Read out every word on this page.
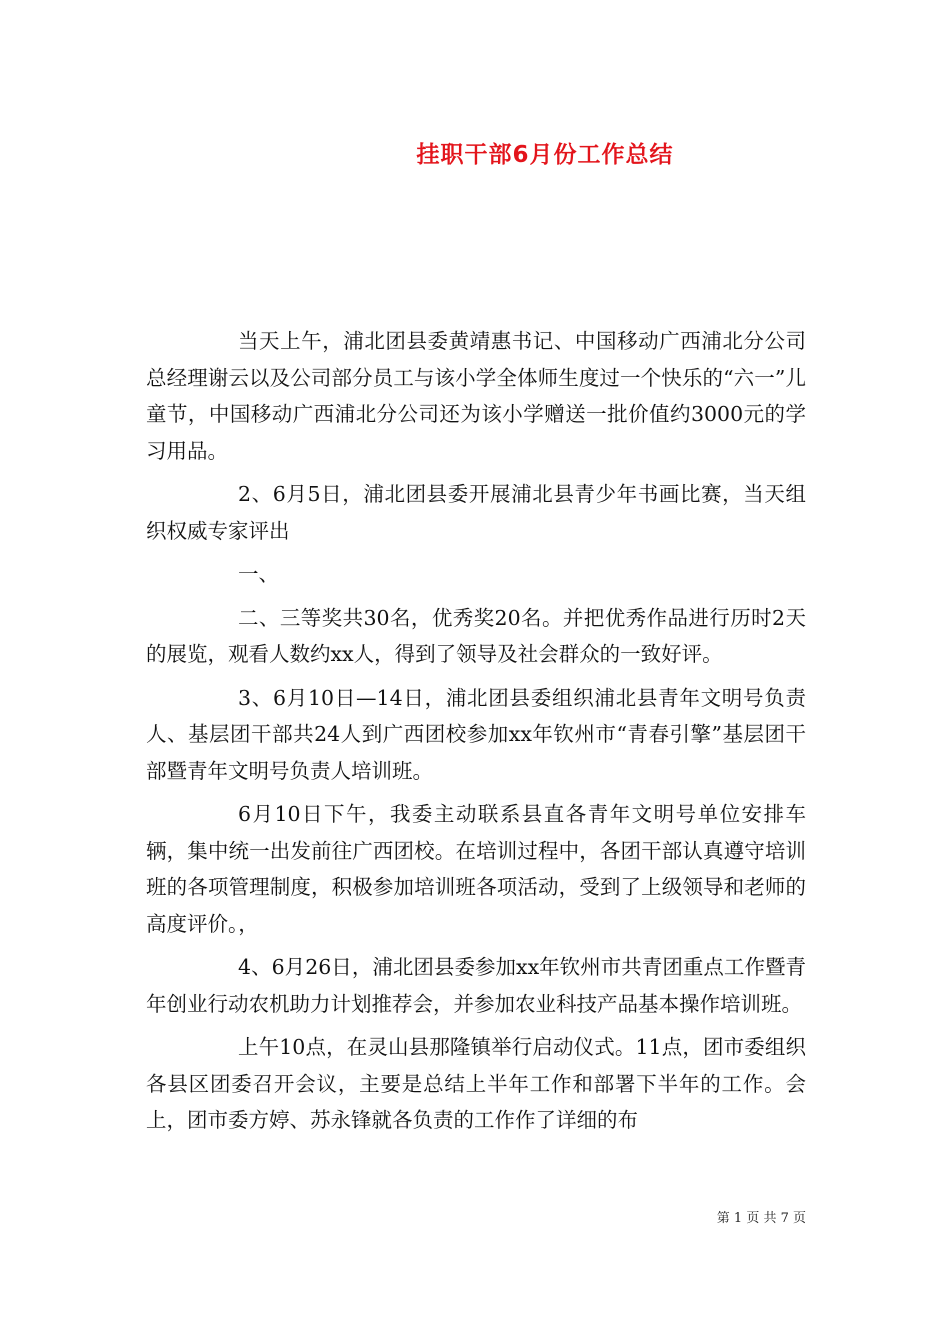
挂职干部6月份工作总结

当天上午，浦北团县委黄靖惠书记、中国移动广西浦北分公司总经理谢云以及公司部分员工与该小学全体师生度过一个快乐的“六一”儿童节，中国移动广西浦北分公司还为该小学赠送一批价值约3000元的学习用品。

2、6月5日，浦北团县委开展浦北县青少年书画比赛，当天组织权威专家评出

一、

二、三等奖共30名，优秀奖20名。并把优秀作品进行历时2天的展览，观看人数约xx人，得到了领导及社会群众的一致好评。

3、6月10日—14日，浦北团县委组织浦北县青年文明号负责人、基层团干部共24人到广西团校参加xx年钦州市“青春引擎”基层团干部暨青年文明号负责人培训班。

6月10日下午，我委主动联系县直各青年文明号单位安排车辆，集中统一出发前往广西团校。在培训过程中，各团干部认真遵守培训班的各项管理制度，积极参加培训班各项活动，受到了上级领导和老师的高度评价。，

4、6月26日，浦北团县委参加xx年钦州市共青团重点工作暨青年创业行动农机助力计划推荐会，并参加农业科技产品基本操作培训班。

上午10点，在灵山县那隆镇举行启动仪式。11点，团市委组织各县区团委召开会议，主要是总结上半年工作和部署下半年的工作。会上，团市委方婷、苏永锋就各负责的工作作了详细的布

第 1 页 共 7 页
